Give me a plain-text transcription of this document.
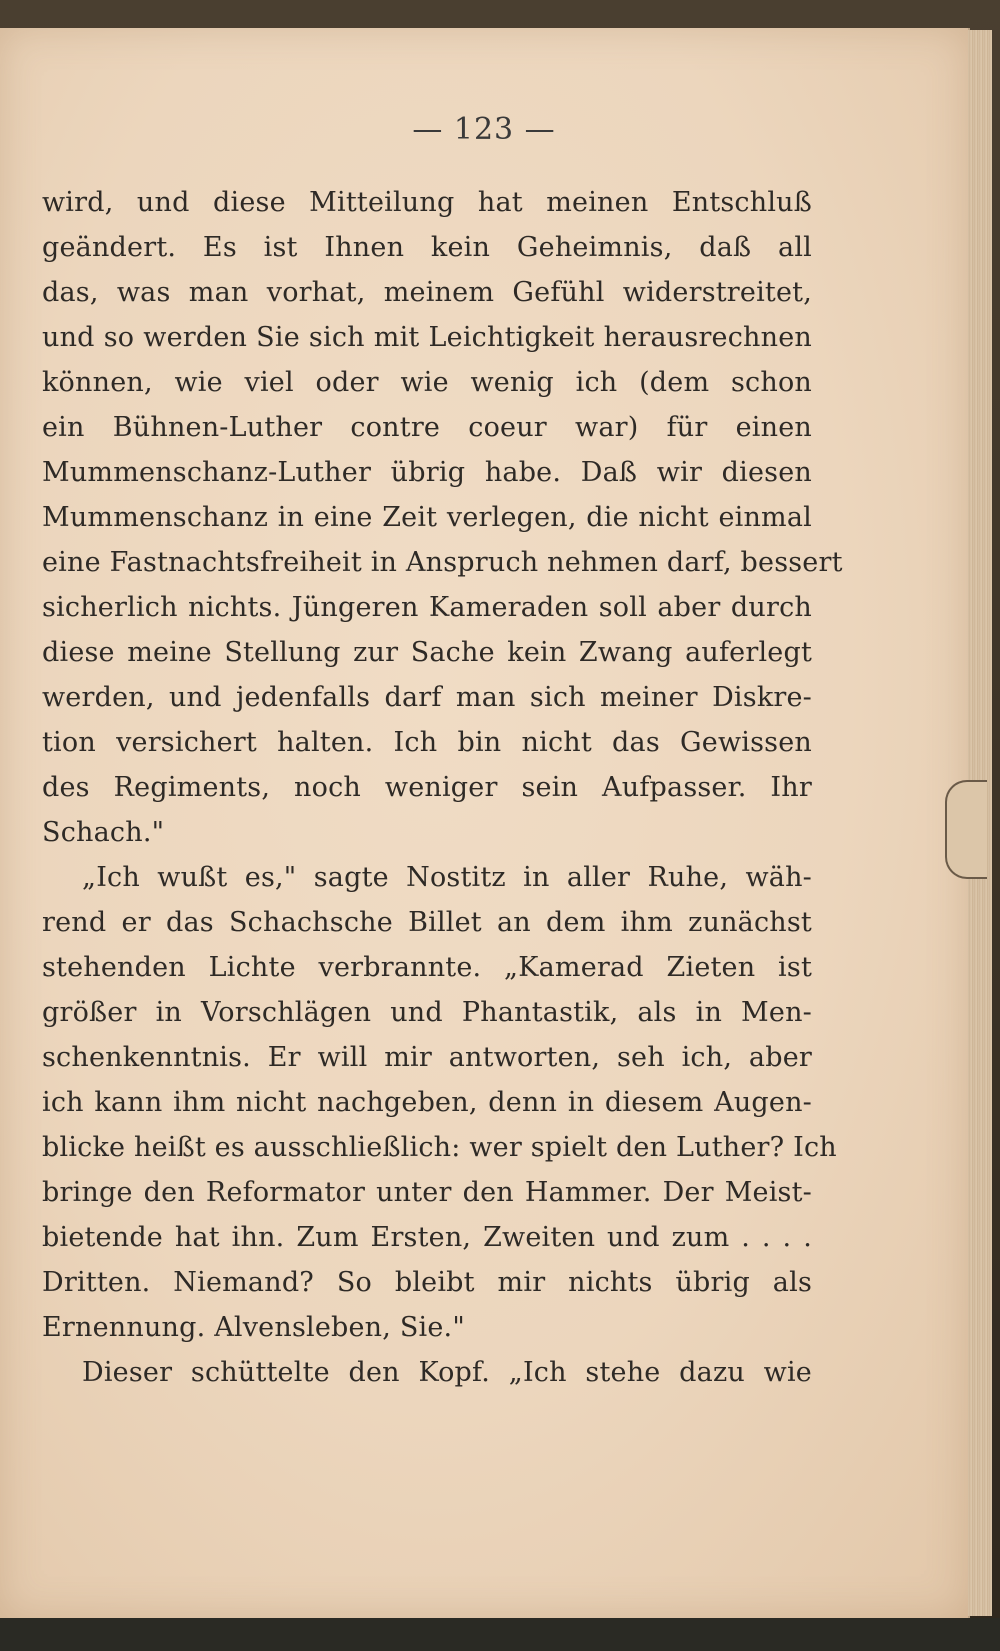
— 123 —
wird, und diese Mitteilung hat meinen Entschluß
geändert. Es ist Ihnen kein Geheimnis, daß all
das, was man vorhat, meinem Gefühl widerstreitet,
und so werden Sie sich mit Leichtigkeit herausrechnen
können, wie viel oder wie wenig ich (dem schon
ein Bühnen-Luther contre coeur war) für einen
Mummenschanz-Luther übrig habe. Daß wir diesen
Mummenschanz in eine Zeit verlegen, die nicht einmal
eine Fastnachtsfreiheit in Anspruch nehmen darf, bessert
sicherlich nichts. Jüngeren Kameraden soll aber durch
diese meine Stellung zur Sache kein Zwang auferlegt
werden, und jedenfalls darf man sich meiner Diskre-
tion versichert halten. Ich bin nicht das Gewissen
des Regiments, noch weniger sein Aufpasser. Ihr
Schach."
„Ich wußt es," sagte Nostitz in aller Ruhe, wäh-
rend er das Schachsche Billet an dem ihm zunächst
stehenden Lichte verbrannte. „Kamerad Zieten ist
größer in Vorschlägen und Phantastik, als in Men-
schenkenntnis. Er will mir antworten, seh ich, aber
ich kann ihm nicht nachgeben, denn in diesem Augen-
blicke heißt es ausschließlich: wer spielt den Luther? Ich
bringe den Reformator unter den Hammer. Der Meist-
bietende hat ihn. Zum Ersten, Zweiten und zum . . . .
Dritten. Niemand? So bleibt mir nichts übrig als
Ernennung. Alvensleben, Sie."
Dieser schüttelte den Kopf. „Ich stehe dazu wie
